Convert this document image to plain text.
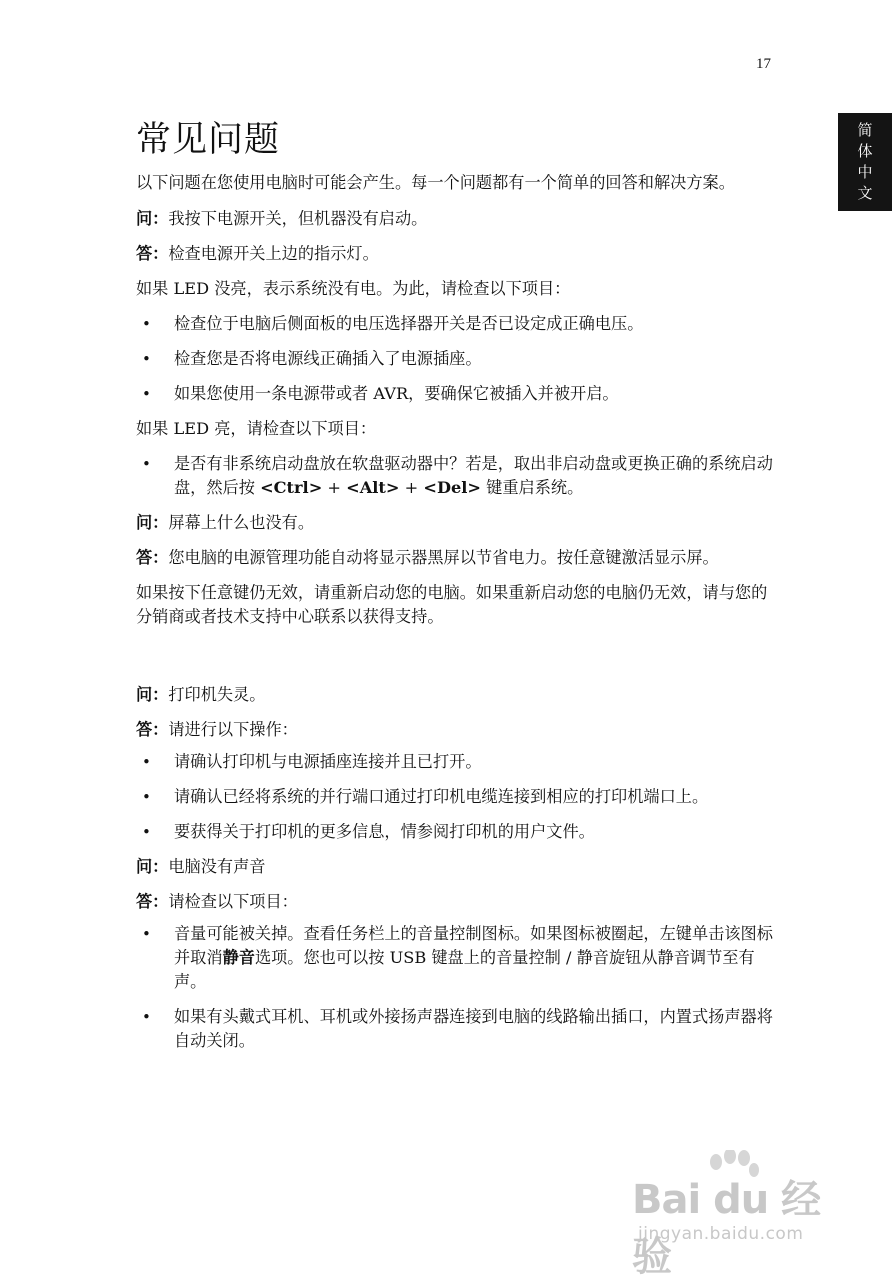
17
简
体
中
文
常见问题

以下问题在您使用电脑时可能会产生。每一个问题都有一个简单的回答和解决方案。

问：我按下电源开关，但机器没有启动。

答：检查电源开关上边的指示灯。

如果 LED 没亮，表示系统没有电。为此，请检查以下项目：

• 检查位于电脑后侧面板的电压选择器开关是否已设定成正确电压。
• 检查您是否将电源线正确插入了电源插座。
• 如果您使用一条电源带或者 AVR，要确保它被插入并被开启。

如果 LED 亮，请检查以下项目：

• 是否有非系统启动盘放在软盘驱动器中？若是，取出非启动盘或更换正确的系统启动盘，然后按 <Ctrl> + <Alt> + <Del> 键重启系统。

问：屏幕上什么也没有。

答：您电脑的电源管理功能自动将显示器黑屏以节省电力。按任意键激活显示屏。

如果按下任意键仍无效，请重新启动您的电脑。如果重新启动您的电脑仍无效，请与您的分销商或者技术支持中心联系以获得支持。

问：打印机失灵。

答：请进行以下操作：

• 请确认打印机与电源插座连接并且已打开。
• 请确认已经将系统的并行端口通过打印机电缆连接到相应的打印机端口上。
• 要获得关于打印机的更多信息，情参阅打印机的用户文件。

问：电脑没有声音

答：请检查以下项目：

• 音量可能被关掉。查看任务栏上的音量控制图标。如果图标被圈起，左键单击该图标并取消静音选项。您也可以按 USB 键盘上的音量控制 / 静音旋钮从静音调节至有声。
• 如果有头戴式耳机、耳机或外接扬声器连接到电脑的线路输出插口，内置式扬声器将自动关闭。
Bai du 经验
jingyan.baidu.com
